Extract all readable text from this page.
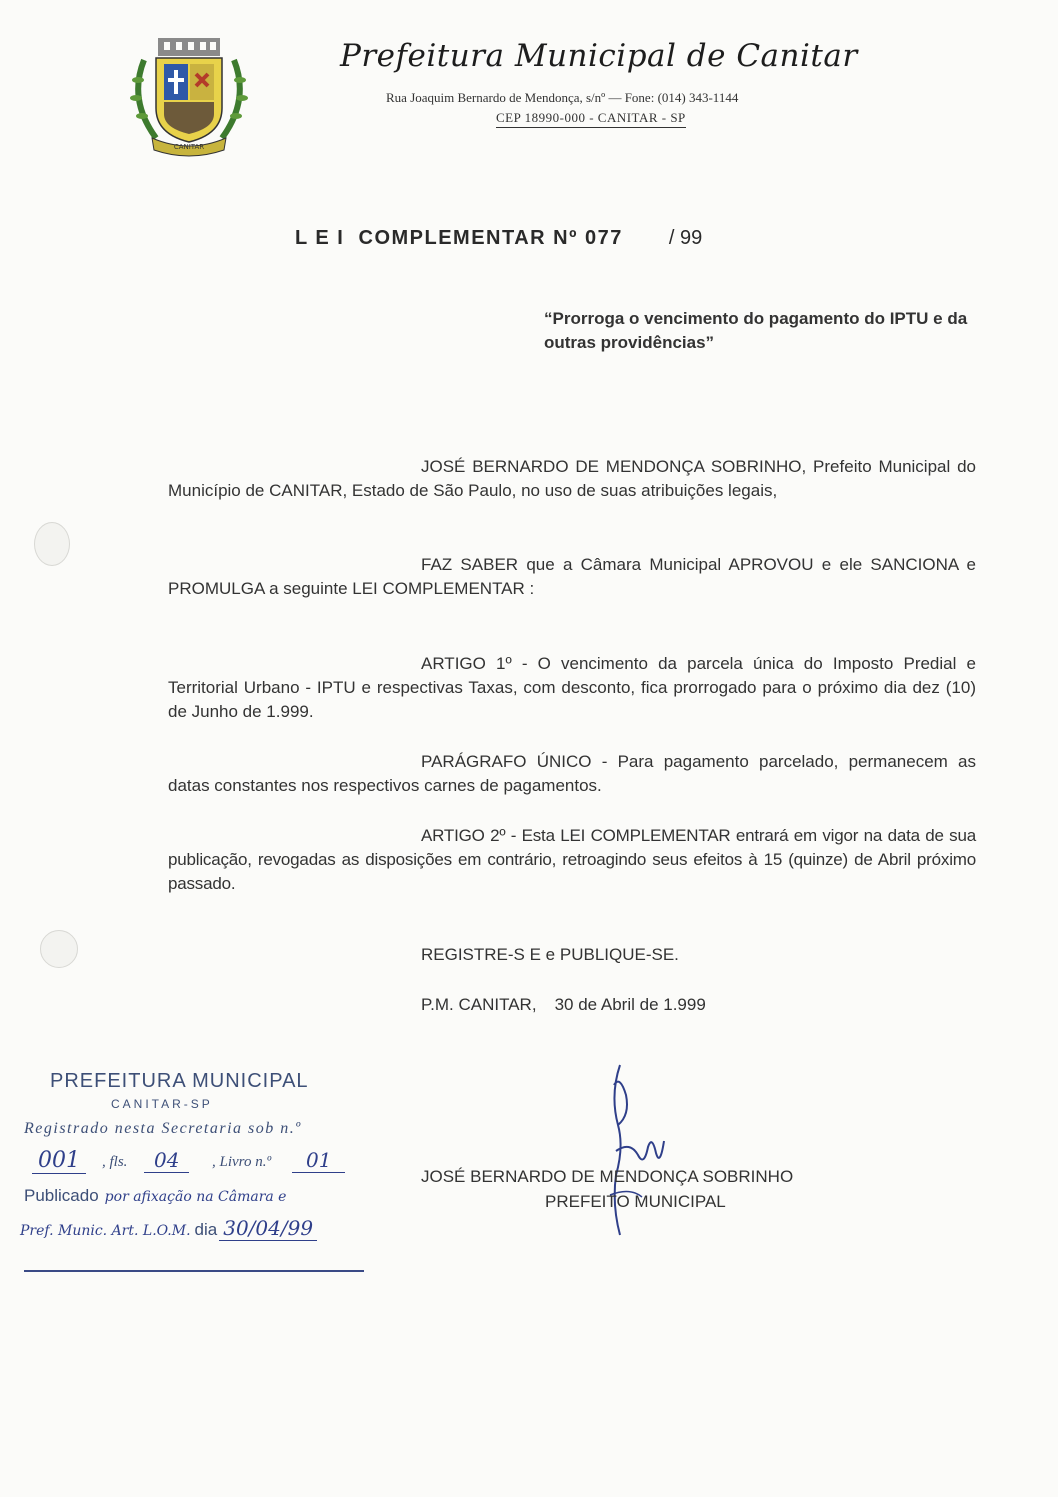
CANITAR
Prefeitura Municipal de Canitar
Rua Joaquim Bernardo de Mendonça, s/nº — Fone: (014) 343-1144
CEP 18990-000 - CANITAR - SP
L E I COMPLEMENTAR Nº 077 / 99
“Prorroga o vencimento do pagamento do IPTU e da outras providências”
JOSÉ BERNARDO DE MENDONÇA SOBRINHO, Prefeito Municipal do Município de CANITAR, Estado de São Paulo, no uso de suas atribuições legais,
FAZ SABER que a Câmara Municipal APROVOU e ele SANCIONA e PROMULGA a seguinte LEI COMPLEMENTAR :
ARTIGO 1º - O vencimento da parcela única do Imposto Predial e Territorial Urbano - IPTU e respectivas Taxas, com desconto, fica prorrogado para o próximo dia dez (10) de Junho de 1.999.
PARÁGRAFO ÚNICO - Para pagamento parcelado, permanecem as datas constantes nos respectivos carnes de pagamentos.
ARTIGO 2º - Esta LEI COMPLEMENTAR entrará em vigor na data de sua publicação, revogadas as disposições em contrário, retroagindo seus efeitos à 15 (quinze) de Abril próximo passado.
REGISTRE-S E e PUBLIQUE-SE.
P.M. CANITAR, 30 de Abril de 1.999
JOSÉ BERNARDO DE MENDONÇA SOBRINHO
PREFEITO MUNICIPAL
PREFEITURA MUNICIPAL
CANITAR-SP
Registrado nesta Secretaria sob n.º
001	, fls.	04	, Livro n.º	01
Publicado por afixação na Câmara e
Pref. Munic. Art. L.O.M. dia 30/04/99
